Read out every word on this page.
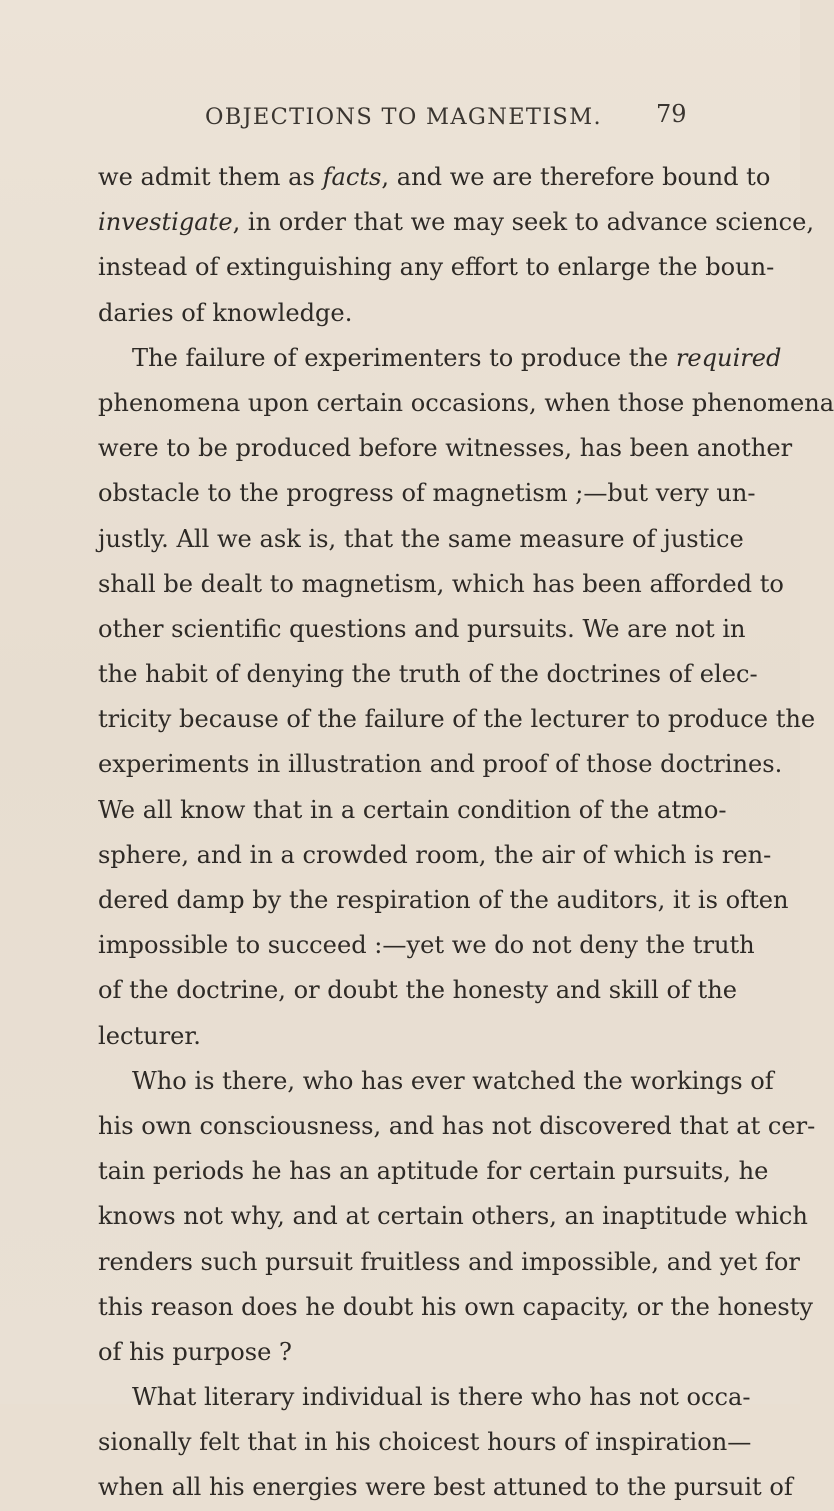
OBJECTIONS TO MAGNETISM. 79
we admit them as facts, and we are therefore bound to
investigate, in order that we may seek to advance science,
instead of extinguishing any effort to enlarge the boun-
daries of knowledge.
The failure of experimenters to produce the required
phenomena upon certain occasions, when those phenomena
were to be produced before witnesses, has been another
obstacle to the progress of magnetism ;—but very un-
justly. All we ask is, that the same measure of justice
shall be dealt to magnetism, which has been afforded to
other scientific questions and pursuits. We are not in
the habit of denying the truth of the doctrines of elec-
tricity because of the failure of the lecturer to produce the
experiments in illustration and proof of those doctrines.
We all know that in a certain condition of the atmo-
sphere, and in a crowded room, the air of which is ren-
dered damp by the respiration of the auditors, it is often
impossible to succeed :—yet we do not deny the truth
of the doctrine, or doubt the honesty and skill of the
lecturer.
Who is there, who has ever watched the workings of
his own consciousness, and has not discovered that at cer-
tain periods he has an aptitude for certain pursuits, he
knows not why, and at certain others, an inaptitude which
renders such pursuit fruitless and impossible, and yet for
this reason does he doubt his own capacity, or the honesty
of his purpose ?
What literary individual is there who has not occa-
sionally felt that in his choicest hours of inspiration—
when all his energies were best attuned to the pursuit of
